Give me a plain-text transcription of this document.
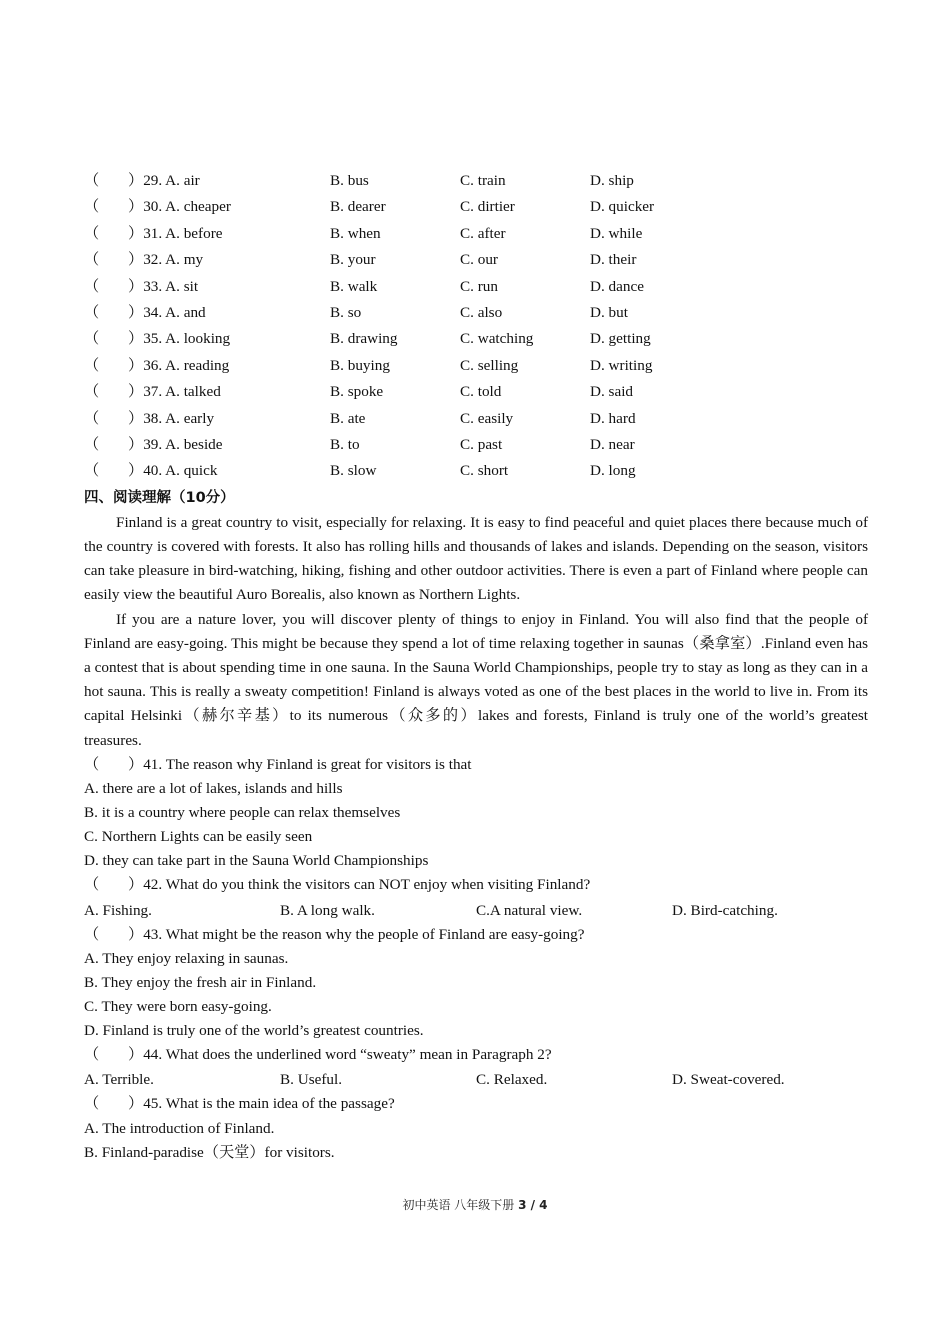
（ ）29. A. air	B. bus	C. train	D. ship
（ ）30. A. cheaper	B. dearer	C. dirtier	D. quicker
（ ）31. A. before	B. when	C. after	D. while
（ ）32. A. my	B. your	C. our	D. their
（ ）33. A. sit	B. walk	C. run	D. dance
（ ）34. A. and	B. so	C. also	D. but
（ ）35. A. looking	B. drawing	C. watching	D. getting
（ ）36. A. reading	B. buying	C. selling	D. writing
（ ）37. A. talked	B. spoke	C. told	D. said
（ ）38. A. early	B. ate	C. easily	D. hard
（ ）39. A. beside	B. to	C. past	D. near
（ ）40. A. quick	B. slow	C. short	D. long
四、阅读理解（10分）

Finland is a great country to visit, especially for relaxing. It is easy to find peaceful and quiet places there because much of the country is covered with forests. It also has rolling hills and thousands of lakes and islands. Depending on the season, visitors can take pleasure in bird-watching, hiking, fishing and other outdoor activities. There is even a part of Finland where people can easily view the beautiful Auro Borealis, also known as Northern Lights.

If you are a nature lover, you will discover plenty of things to enjoy in Finland. You will also find that the people of Finland are easy-going. This might be because they spend a lot of time relaxing together in saunas（桑拿室）.Finland even has a contest that is about spending time in one sauna. In the Sauna World Championships, people try to stay as long as they can in a hot sauna. This is really a sweaty competition! Finland is always voted as one of the best places in the world to live in. From its capital Helsinki（赫尔辛基）to its numerous（众多的）lakes and forests, Finland is truly one of the world’s greatest treasures.

（ ）41. The reason why Finland is great for visitors is that
A. there are a lot of lakes, islands and hills
B. it is a country where people can relax themselves
C. Northern Lights can be easily seen
D. they can take part in the Sauna World Championships
（ ）42. What do you think the visitors can NOT enjoy when visiting Finland?
A. Fishing.	B. A long walk.	C.A natural view.	D. Bird-catching.
（ ）43. What might be the reason why the people of Finland are easy-going?
A. They enjoy relaxing in saunas.
B. They enjoy the fresh air in Finland.
C. They were born easy-going.
D. Finland is truly one of the world’s greatest countries.
（ ）44. What does the underlined word “sweaty” mean in Paragraph 2?
A. Terrible.	B. Useful.	C. Relaxed.	D. Sweat-covered.
（ ）45. What is the main idea of the passage?
A. The introduction of Finland.
B. Finland-paradise（天堂）for visitors.
初中英语 八年级下册 3 / 4
